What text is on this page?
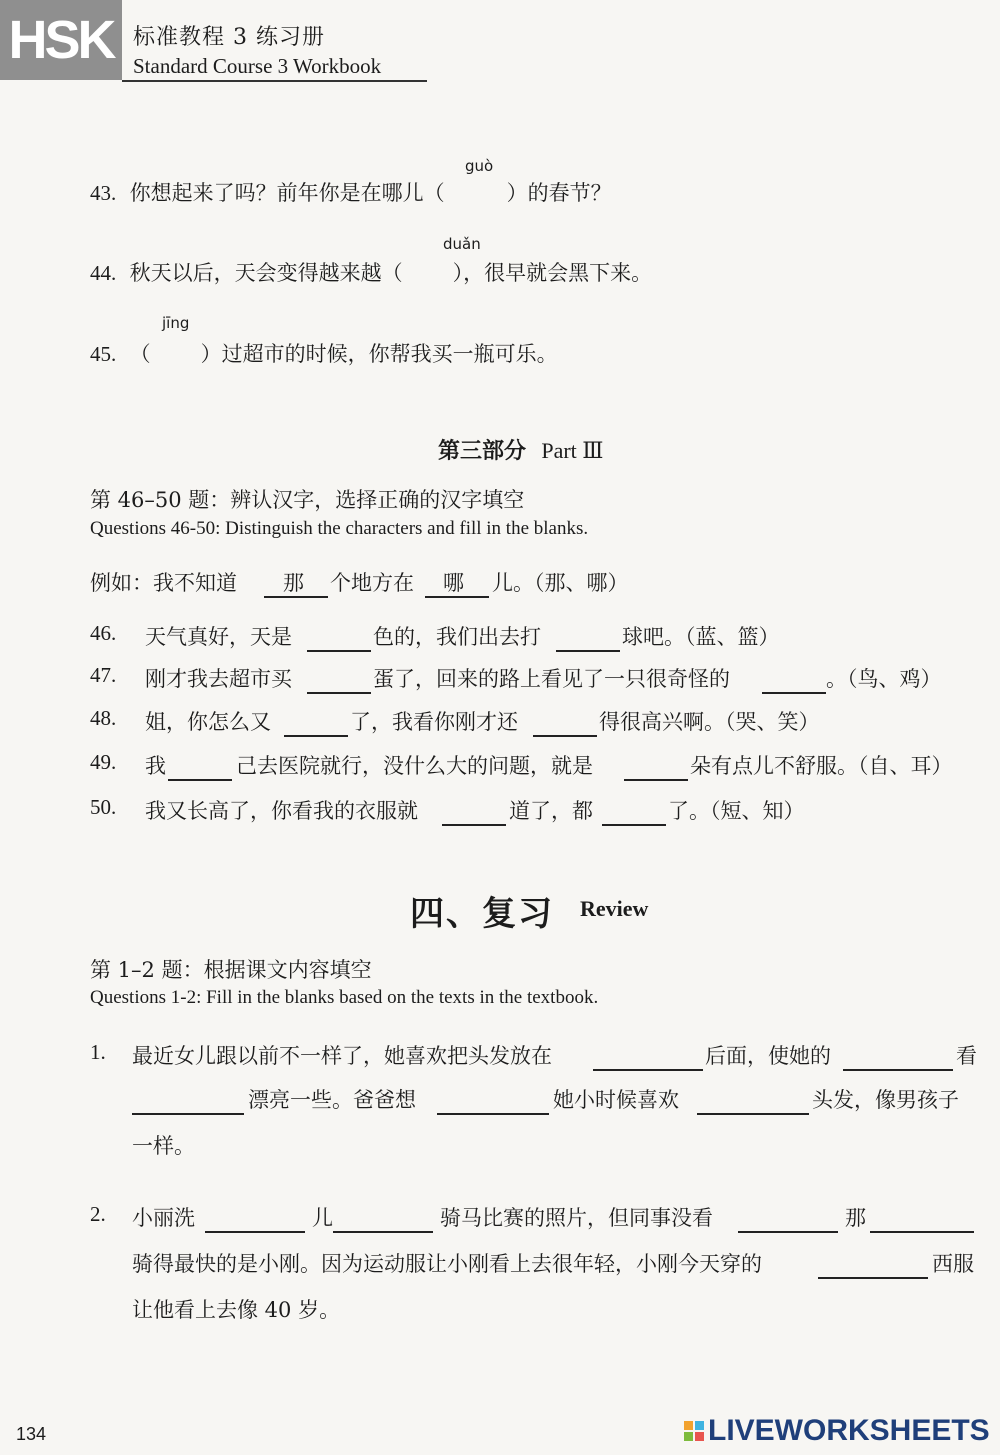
HSK 标准教程 3 练习册
Standard Course 3 Workbook
guò
43. 你想起来了吗？前年你是在哪儿（	）的春节？
duǎn
44. 秋天以后，天会变得越来越（ ），很早就会黑下来。
jīng
45. （ ）过超市的时候，你帮我买一瓶可乐。
第三部分 Part Ⅲ
第 46–50 题：辨认汉字，选择正确的汉字填空
Questions 46-50: Distinguish the characters and fill in the blanks.
例如：我不知道 那 个地方在 哪 儿。（那、哪）
46. 天气真好，天是	色的，我们出去打	球吧。（蓝、篮）
47. 刚才我去超市买	蛋了，回来的路上看见了一只很奇怪的	。（鸟、鸡）
48. 姐，你怎么又	了，我看你刚才还	得很高兴啊。（哭、笑）
49. 我	己去医院就行，没什么大的问题，就是	朵有点儿不舒服。（自、耳）
50. 我又长高了，你看我的衣服就	道了，都	了。（短、知）
四、复习 Review
第 1–2 题：根据课文内容填空
Questions 1-2: Fill in the blanks based on the texts in the textbook.
1. 最近女儿跟以前不一样了，她喜欢把头发放在	后面，使她的	看
漂亮一些。爸爸想	她小时候喜欢	头发，像男孩子
一样。
2. 小丽洗	儿	骑马比赛的照片，但同事没看	那
骑得最快的是小刚。因为运动服让小刚看上去很年轻，小刚今天穿的	西服
让他看上去像 40 岁。
134	LIVEWORKSHEETS
